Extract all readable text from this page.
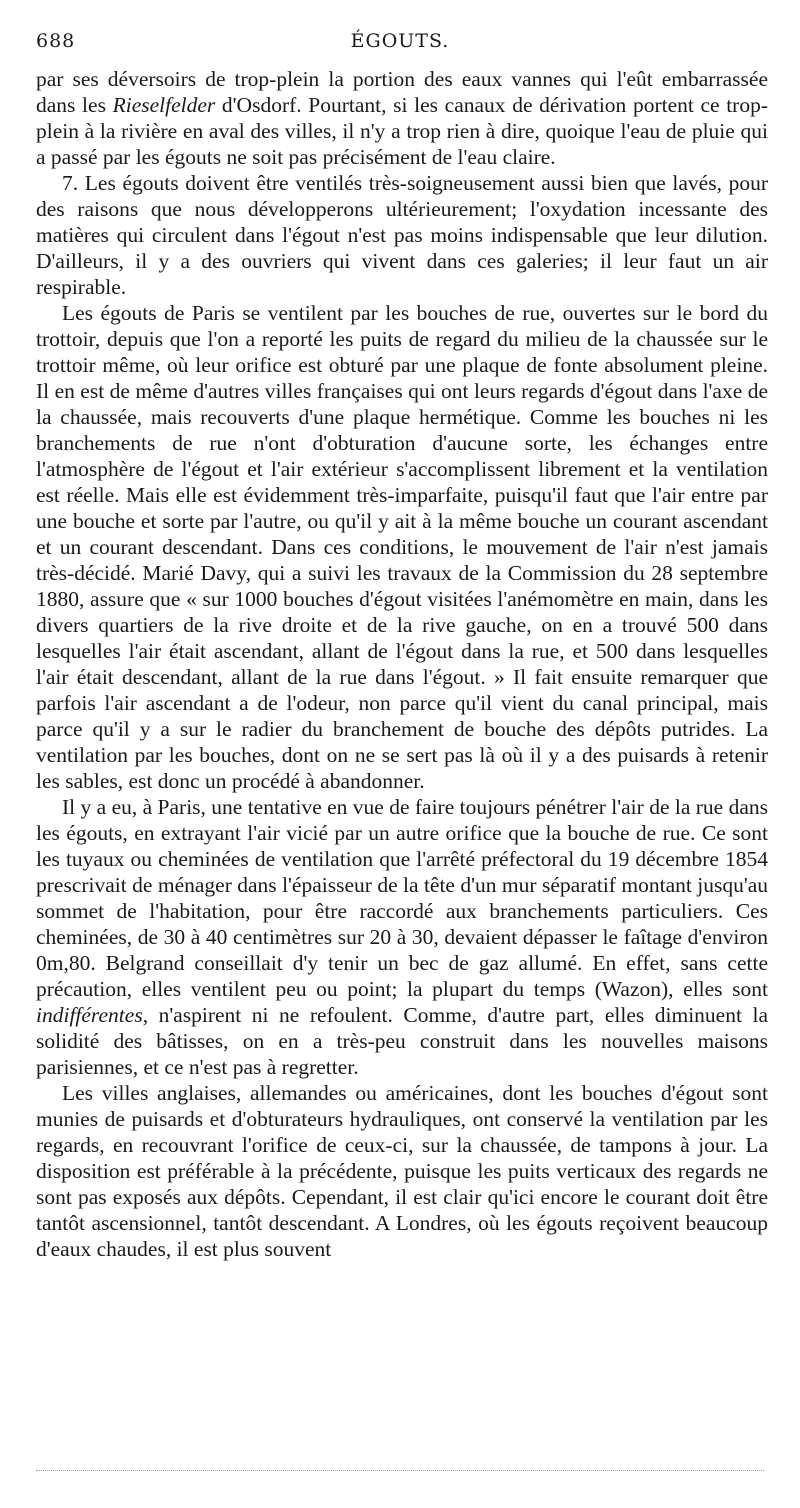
688	ÉGOUTS.

par ses déversoirs de trop-plein la portion des eaux vannes qui l'eût embarrassée dans les Rieselfelder d'Osdorf. Pourtant, si les canaux de dérivation portent ce trop-plein à la rivière en aval des villes, il n'y a trop rien à dire, quoique l'eau de pluie qui a passé par les égouts ne soit pas précisément de l'eau claire.

7. Les égouts doivent être ventilés très-soigneusement aussi bien que lavés, pour des raisons que nous développerons ultérieurement; l'oxydation incessante des matières qui circulent dans l'égout n'est pas moins indispensable que leur dilution. D'ailleurs, il y a des ouvriers qui vivent dans ces galeries; il leur faut un air respirable.

Les égouts de Paris se ventilent par les bouches de rue, ouvertes sur le bord du trottoir, depuis que l'on a reporté les puits de regard du milieu de la chaussée sur le trottoir même, où leur orifice est obturé par une plaque de fonte absolument pleine. Il en est de même d'autres villes françaises qui ont leurs regards d'égout dans l'axe de la chaussée, mais recouverts d'une plaque hermétique. Comme les bouches ni les branchements de rue n'ont d'obturation d'aucune sorte, les échanges entre l'atmosphère de l'égout et l'air extérieur s'accomplissent librement et la ventilation est réelle. Mais elle est évidemment très-imparfaite, puisqu'il faut que l'air entre par une bouche et sorte par l'autre, ou qu'il y ait à la même bouche un courant ascendant et un courant descendant. Dans ces conditions, le mouvement de l'air n'est jamais très-décidé. Marié Davy, qui a suivi les travaux de la Commission du 28 septembre 1880, assure que « sur 1000 bouches d'égout visitées l'anémomètre en main, dans les divers quartiers de la rive droite et de la rive gauche, on en a trouvé 500 dans lesquelles l'air était ascendant, allant de l'égout dans la rue, et 500 dans lesquelles l'air était descendant, allant de la rue dans l'égout. » Il fait ensuite remarquer que parfois l'air ascendant a de l'odeur, non parce qu'il vient du canal principal, mais parce qu'il y a sur le radier du branchement de bouche des dépôts putrides. La ventilation par les bouches, dont on ne se sert pas là où il y a des puisards à retenir les sables, est donc un procédé à abandonner.

Il y a eu, à Paris, une tentative en vue de faire toujours pénétrer l'air de la rue dans les égouts, en extrayant l'air vicié par un autre orifice que la bouche de rue. Ce sont les tuyaux ou cheminées de ventilation que l'arrêté préfectoral du 19 décembre 1854 prescrivait de ménager dans l'épaisseur de la tête d'un mur séparatif montant jusqu'au sommet de l'habitation, pour être raccordé aux branchements particuliers. Ces cheminées, de 30 à 40 centimètres sur 20 à 30, devaient dépasser le faîtage d'environ 0m,80. Belgrand conseillait d'y tenir un bec de gaz allumé. En effet, sans cette précaution, elles ventilent peu ou point; la plupart du temps (Wazon), elles sont indifférentes, n'aspirent ni ne refoulent. Comme, d'autre part, elles diminuent la solidité des bâtisses, on en a très-peu construit dans les nouvelles maisons parisiennes, et ce n'est pas à regretter.

Les villes anglaises, allemandes ou américaines, dont les bouches d'égout sont munies de puisards et d'obturateurs hydrauliques, ont conservé la ventilation par les regards, en recouvrant l'orifice de ceux-ci, sur la chaussée, de tampons à jour. La disposition est préférable à la précédente, puisque les puits verticaux des regards ne sont pas exposés aux dépôts. Cependant, il est clair qu'ici encore le courant doit être tantôt ascensionnel, tantôt descendant. A Londres, où les égouts reçoivent beaucoup d'eaux chaudes, il est plus souvent
